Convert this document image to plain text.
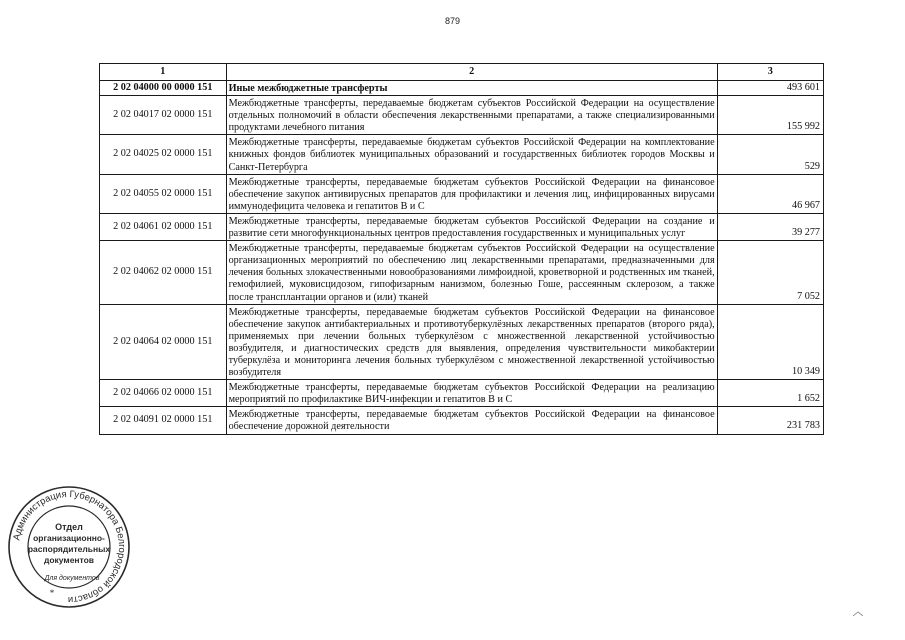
879
1	2	3
2 02 04000 00 0000 151	Иные межбюджетные трансферты	493 601
2 02 04017 02 0000 151	Межбюджетные трансферты, передаваемые бюджетам субъектов Российской Федерации на осуществление отдельных полномочий в области обеспечения лекарственными препаратами, а также специализированными продуктами лечебного питания	155 992
2 02 04025 02 0000 151	Межбюджетные трансферты, передаваемые бюджетам субъектов Российской Федерации на комплектование книжных фондов библиотек муниципальных образований и государственных библиотек городов Москвы и Санкт-Петербурга	529
2 02 04055 02 0000 151	Межбюджетные трансферты, передаваемые бюджетам субъектов Российской Федерации на финансовое обеспечение закупок антивирусных препаратов для профилактики и лечения лиц, инфицированных вирусами иммунодефицита человека и гепатитов В и С	46 967
2 02 04061 02 0000 151	Межбюджетные трансферты, передаваемые бюджетам субъектов Российской Федерации на создание и развитие сети многофункциональных центров предоставления государственных и муниципальных услуг	39 277
2 02 04062 02 0000 151	Межбюджетные трансферты, передаваемые бюджетам субъектов Российской Федерации на осуществление организационных мероприятий по обеспечению лиц лекарственными препаратами, предназначенными для лечения больных злокачественными новообразованиями лимфоидной, кроветворной и родственных им тканей, гемофилией, муковисцидозом, гипофизарным нанизмом, болезнью Гоше, рассеянным склерозом, а также после трансплантации органов и (или) тканей	7 052
2 02 04064 02 0000 151	Межбюджетные трансферты, передаваемые бюджетам субъектов Российской Федерации на финансовое обеспечение закупок антибактериальных и противотуберкулёзных лекарственных препаратов (второго ряда), применяемых при лечении больных туберкулёзом с множественной лекарственной устойчивостью возбудителя, и диагностических средств для выявления, определения чувствительности микобактерии туберкулёза и мониторинга лечения больных туберкулёзом с множественной лекарственной устойчивостью возбудителя	10 349
2 02 04066 02 0000 151	Межбюджетные трансферты, передаваемые бюджетам субъектов Российской Федерации на реализацию мероприятий по профилактике ВИЧ-инфекции и гепатитов В и С	1 652
2 02 04091 02 0000 151	Межбюджетные трансферты, передаваемые бюджетам субъектов Российской Федерации на финансовое обеспечение дорожной деятельности	231 783
Администрация Губернатора Белгородской области
Отдел
организационно-
распорядительных
документов
Для документов
*
